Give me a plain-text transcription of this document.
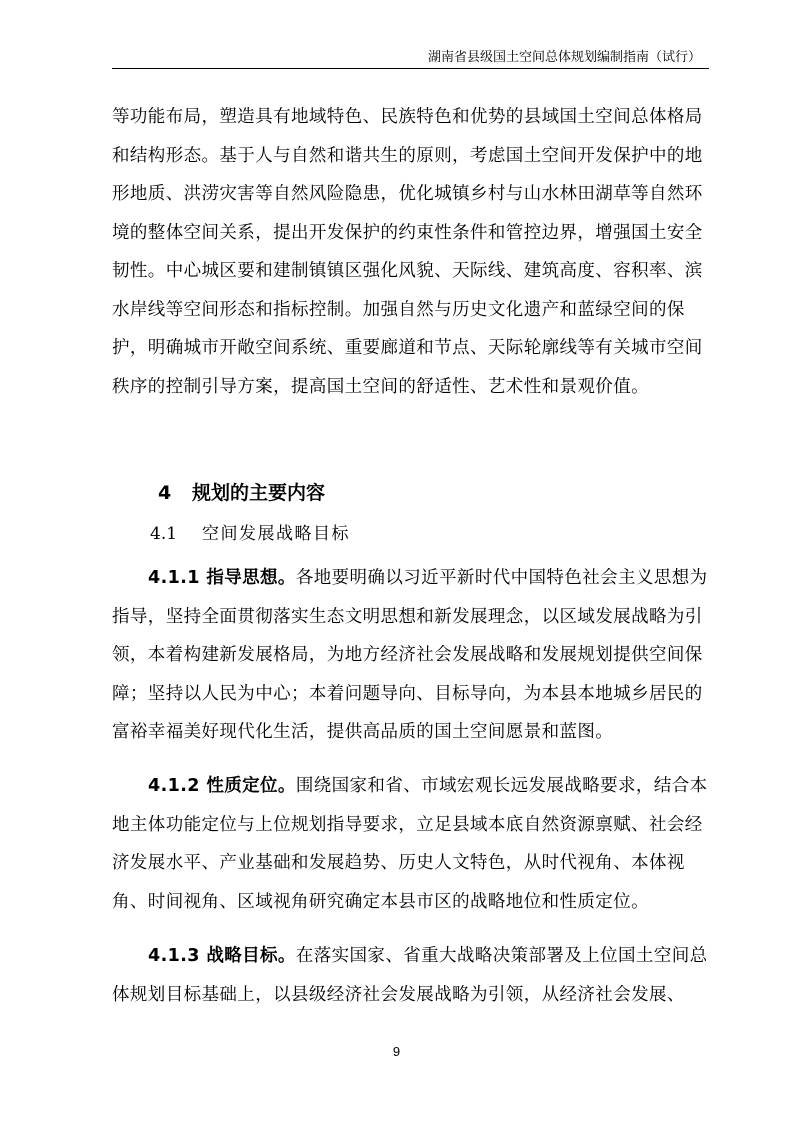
湖南省县级国土空间总体规划编制指南（试行）

等功能布局，塑造具有地域特色、民族特色和优势的县域国土空间总体格局和结构形态。基于人与自然和谐共生的原则，考虑国土空间开发保护中的地形地质、洪涝灾害等自然风险隐患，优化城镇乡村与山水林田湖草等自然环境的整体空间关系，提出开发保护的约束性条件和管控边界，增强国土安全韧性。中心城区要和建制镇镇区强化风貌、天际线、建筑高度、容积率、滨水岸线等空间形态和指标控制。加强自然与历史文化遗产和蓝绿空间的保护，明确城市开敞空间系统、重要廊道和节点、天际轮廓线等有关城市空间秩序的控制引导方案，提高国土空间的舒适性、艺术性和景观价值。

4 规划的主要内容
4.1 空间发展战略目标

4.1.1 指导思想。各地要明确以习近平新时代中国特色社会主义思想为指导，坚持全面贯彻落实生态文明思想和新发展理念，以区域发展战略为引领，本着构建新发展格局，为地方经济社会发展战略和发展规划提供空间保障；坚持以人民为中心；本着问题导向、目标导向，为本县本地城乡居民的富裕幸福美好现代化生活，提供高品质的国土空间愿景和蓝图。

4.1.2 性质定位。围绕国家和省、市域宏观长远发展战略要求，结合本地主体功能定位与上位规划指导要求，立足县域本底自然资源禀赋、社会经济发展水平、产业基础和发展趋势、历史人文特色，从时代视角、本体视角、时间视角、区域视角研究确定本县市区的战略地位和性质定位。

4.1.3 战略目标。在落实国家、省重大战略决策部署及上位国土空间总体规划目标基础上，以县级经济社会发展战略为引领，从经济社会发展、

9
